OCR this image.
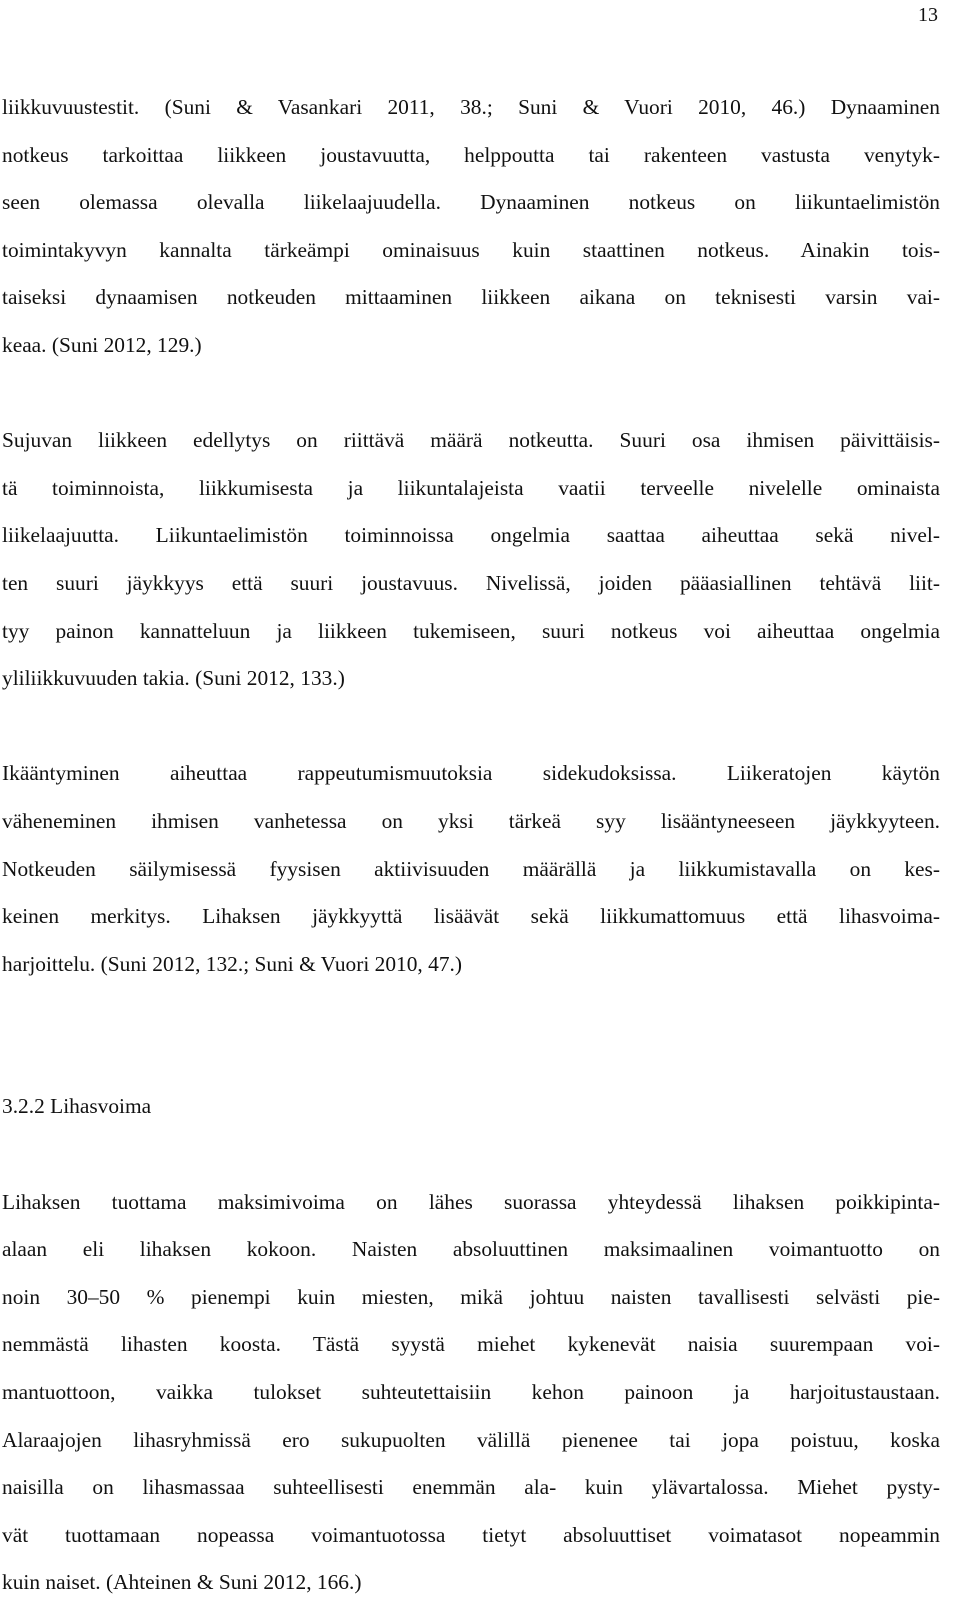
13

liikkuvuustestit. (Suni & Vasankari 2011, 38.; Suni & Vuori 2010, 46.) Dynaaminen
notkeus tarkoittaa liikkeen joustavuutta, helppoutta tai rakenteen vastusta venytyk-
seen olemassa olevalla liikelaajuudella. Dynaaminen notkeus on liikuntaelimistön
toimintakyvyn kannalta tärkeämpi ominaisuus kuin staattinen notkeus. Ainakin tois-
taiseksi dynaamisen notkeuden mittaaminen liikkeen aikana on teknisesti varsin vai-
keaa. (Suni 2012, 129.)

Sujuvan liikkeen edellytys on riittävä määrä notkeutta. Suuri osa ihmisen päivittäisis-
tä toiminnoista, liikkumisesta ja liikuntalajeista vaatii terveelle nivelelle ominaista
liikelaajuutta. Liikuntaelimistön toiminnoissa ongelmia saattaa aiheuttaa sekä nivel-
ten suuri jäykkyys että suuri joustavuus. Nivelissä, joiden pääasiallinen tehtävä liit-
tyy painon kannatteluun ja liikkeen tukemiseen, suuri notkeus voi aiheuttaa ongelmia
yliliikkuvuuden takia. (Suni 2012, 133.)

Ikääntyminen aiheuttaa rappeutumismuutoksia sidekudoksissa. Liikeratojen käytön
väheneminen ihmisen vanhetessa on yksi tärkeä syy lisääntyneeseen jäykkyyteen.
Notkeuden säilymisessä fyysisen aktiivisuuden määrällä ja liikkumistavalla on kes-
keinen merkitys. Lihaksen jäykkyyttä lisäävät sekä liikkumattomuus että lihasvoima-
harjoittelu. (Suni 2012, 132.; Suni & Vuori 2010, 47.)

3.2.2 Lihasvoima

Lihaksen tuottama maksimivoima on lähes suorassa yhteydessä lihaksen poikkipinta-
alaan eli lihaksen kokoon. Naisten absoluuttinen maksimaalinen voimantuotto on
noin 30–50 % pienempi kuin miesten, mikä johtuu naisten tavallisesti selvästi pie-
nemmästä lihasten koosta. Tästä syystä miehet kykenevät naisia suurempaan voi-
mantuottoon, vaikka tulokset suhteutettaisiin kehon painoon ja harjoitustaustaan.
Alaraajojen lihasryhmissä ero sukupuolten välillä pienenee tai jopa poistuu, koska
naisilla on lihasmassaa suhteellisesti enemmän ala- kuin ylävartalossa. Miehet pysty-
vät tuottamaan nopeassa voimantuotossa tietyt absoluuttiset voimatasot nopeammin
kuin naiset. (Ahteinen & Suni 2012, 166.)
